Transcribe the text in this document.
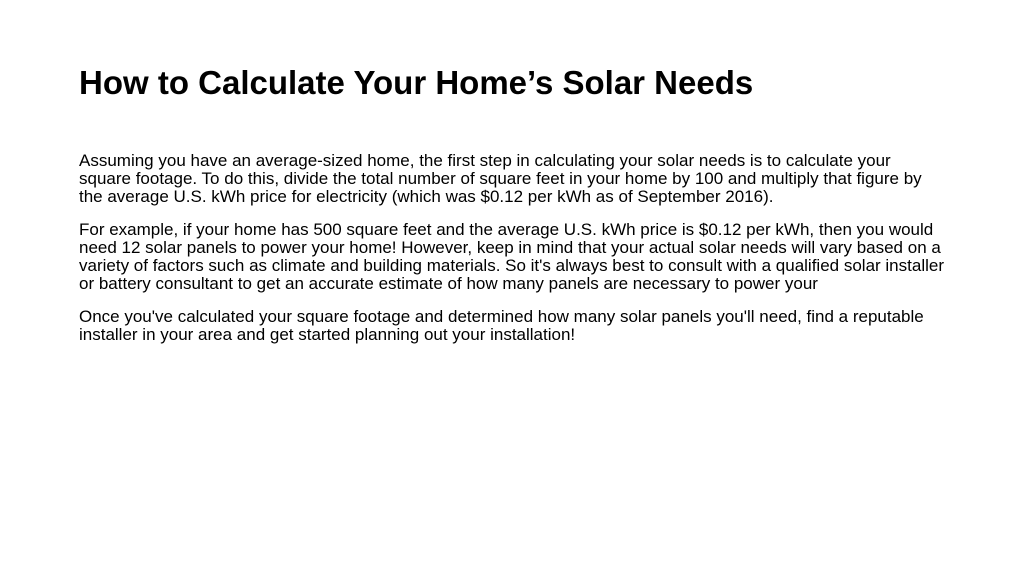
How to Calculate Your Home’s Solar Needs

Assuming you have an average-sized home, the first step in calculating your solar needs is to calculate your square footage. To do this, divide the total number of square feet in your home by 100 and multiply that figure by the average U.S. kWh price for electricity (which was $0.12 per kWh as of September 2016).

For example, if your home has 500 square feet and the average U.S. kWh price is $0.12 per kWh, then you would need 12 solar panels to power your home! However, keep in mind that your actual solar needs will vary based on a variety of factors such as climate and building materials. So it's always best to consult with a qualified solar installer or battery consultant to get an accurate estimate of how many panels are necessary to power your

Once you've calculated your square footage and determined how many solar panels you'll need, find a reputable installer in your area and get started planning out your installation!
